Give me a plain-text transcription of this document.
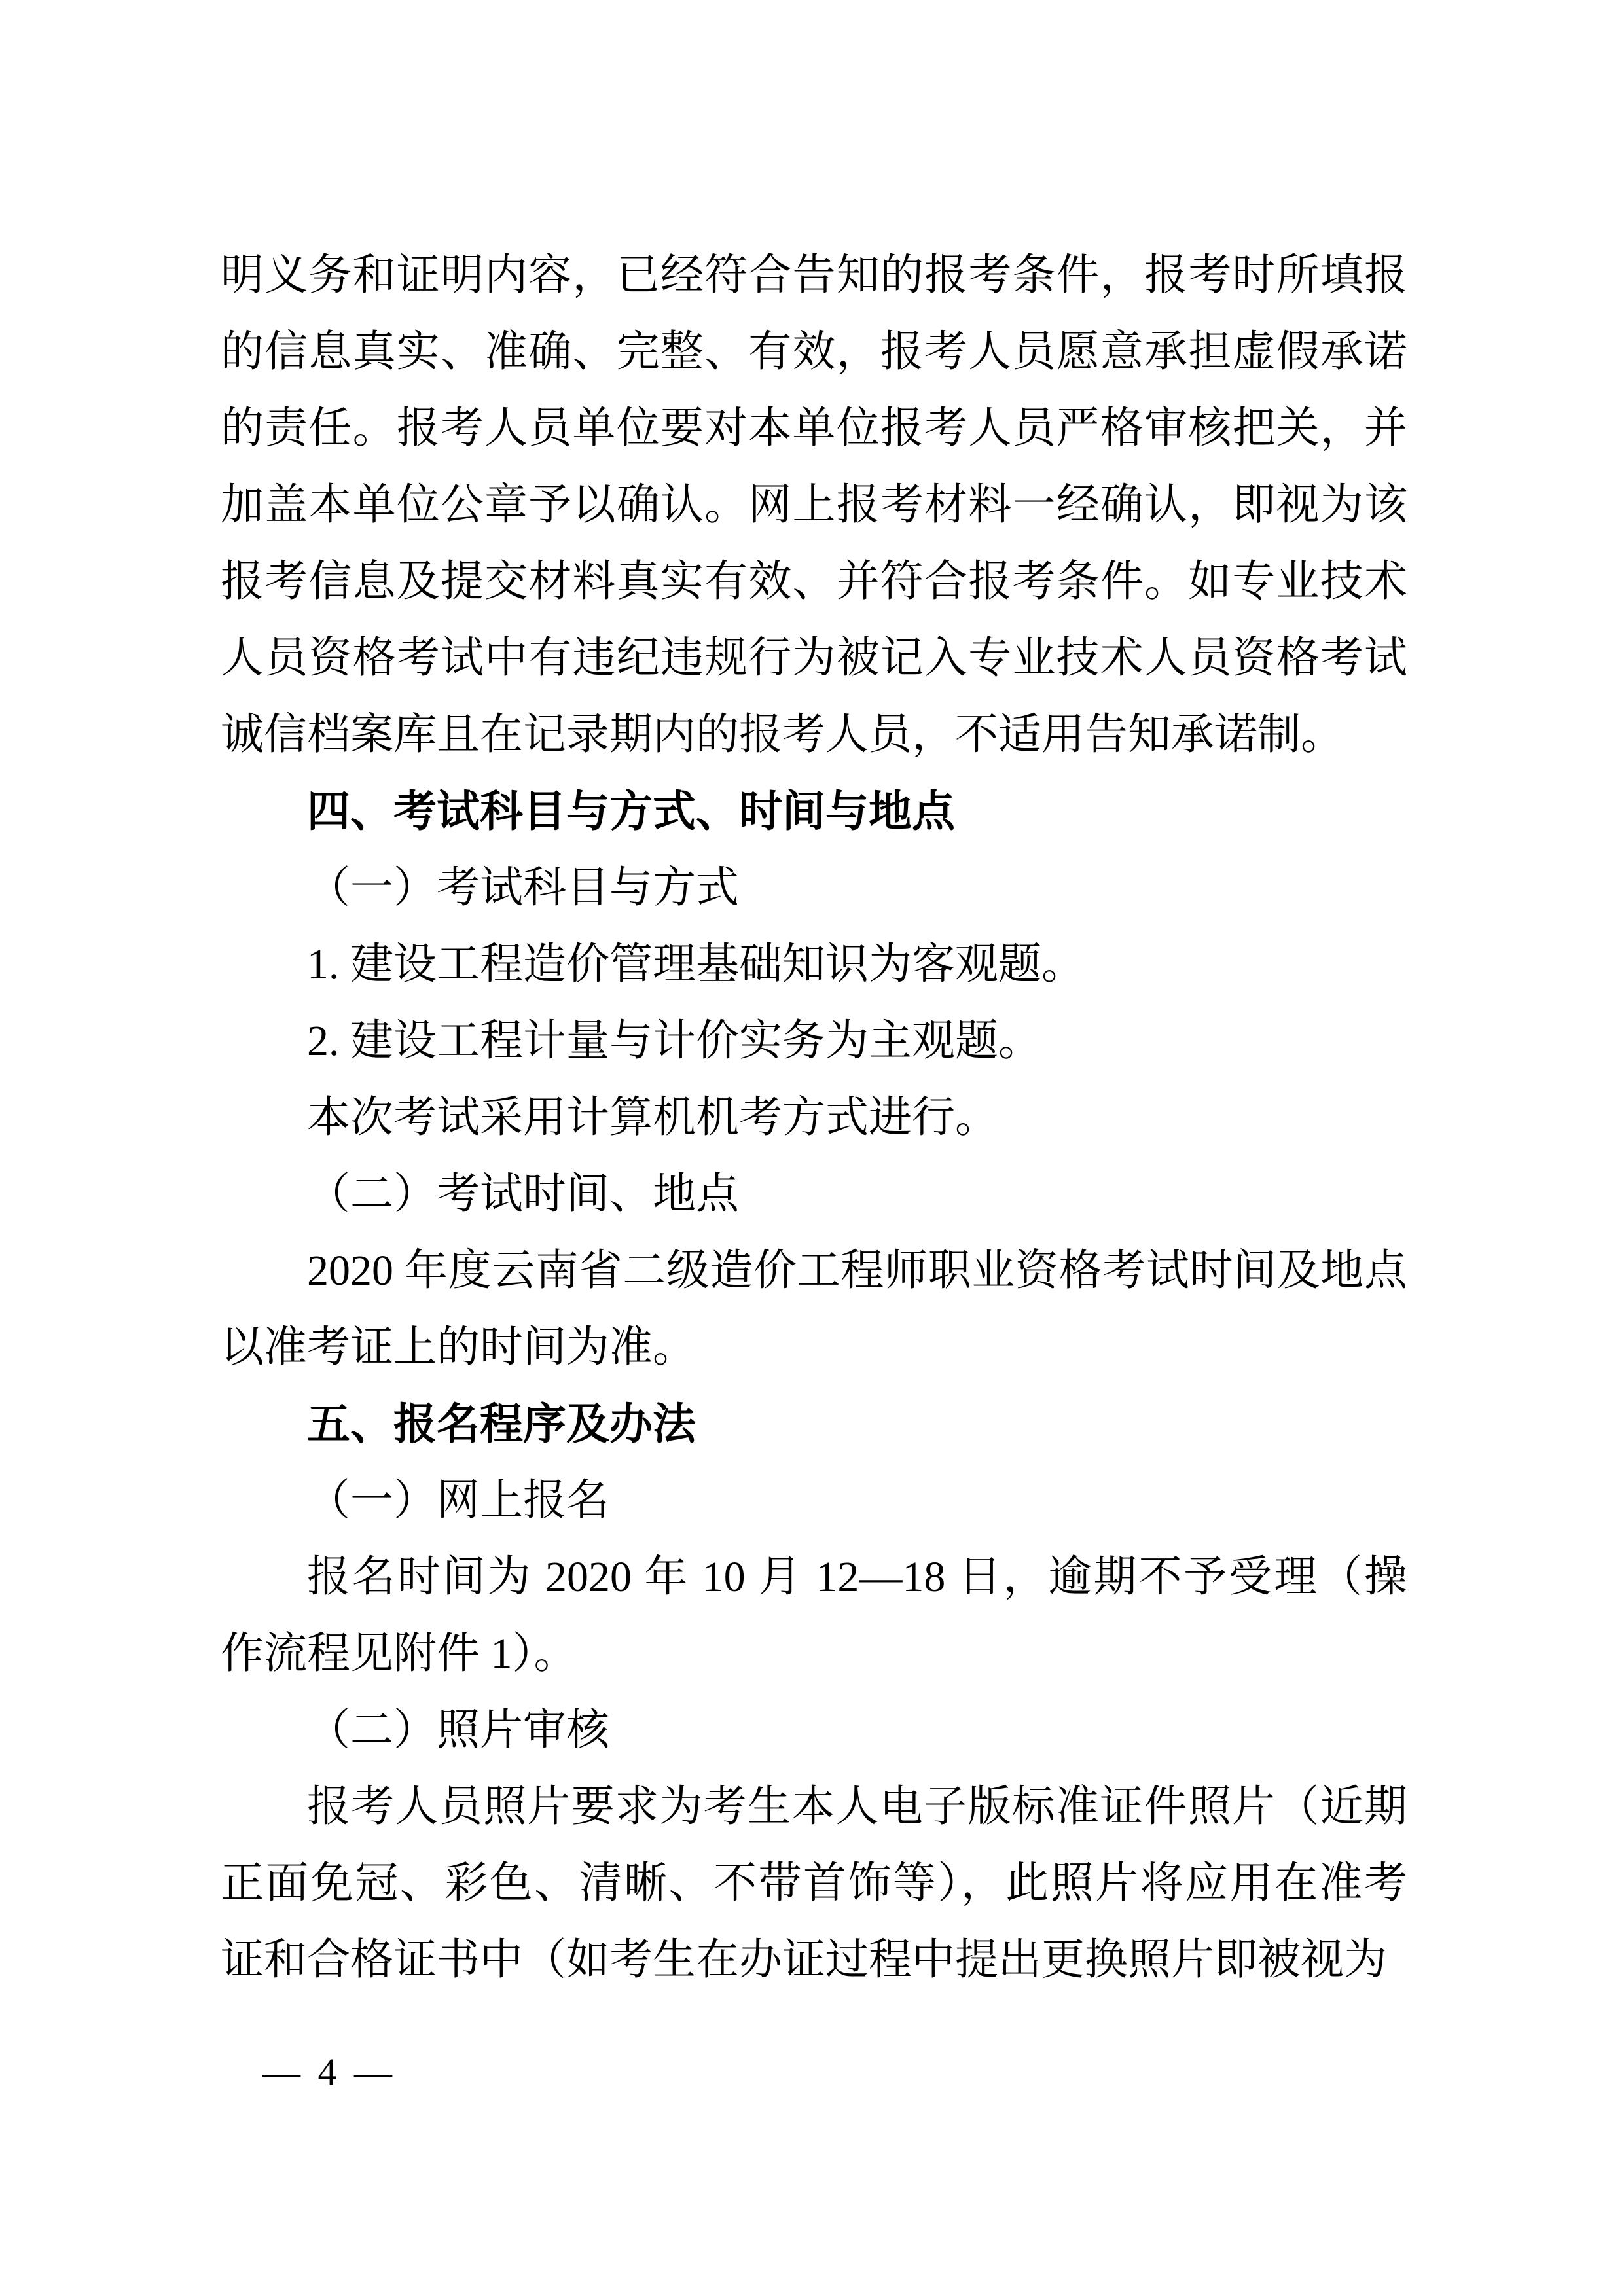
明义务和证明内容，已经符合告知的报考条件，报考时所填报的信息真实、准确、完整、有效，报考人员愿意承担虚假承诺的责任。报考人员单位要对本单位报考人员严格审核把关，并加盖本单位公章予以确认。网上报考材料一经确认，即视为该报考信息及提交材料真实有效、并符合报考条件。如专业技术人员资格考试中有违纪违规行为被记入专业技术人员资格考试诚信档案库且在记录期内的报考人员，不适用告知承诺制。

四、考试科目与方式、时间与地点

（一）考试科目与方式

1. 建设工程造价管理基础知识为客观题。

2. 建设工程计量与计价实务为主观题。

本次考试采用计算机机考方式进行。

（二）考试时间、地点

2020 年度云南省二级造价工程师职业资格考试时间及地点以准考证上的时间为准。

五、报名程序及办法

（一）网上报名

报名时间为 2020 年 10 月 12—18 日，逾期不予受理（操作流程见附件 1）。

（二）照片审核

报考人员照片要求为考生本人电子版标准证件照片（近期正面免冠、彩色、清晰、不带首饰等），此照片将应用在准考证和合格证书中（如考生在办证过程中提出更换照片即被视为

— 4 —
